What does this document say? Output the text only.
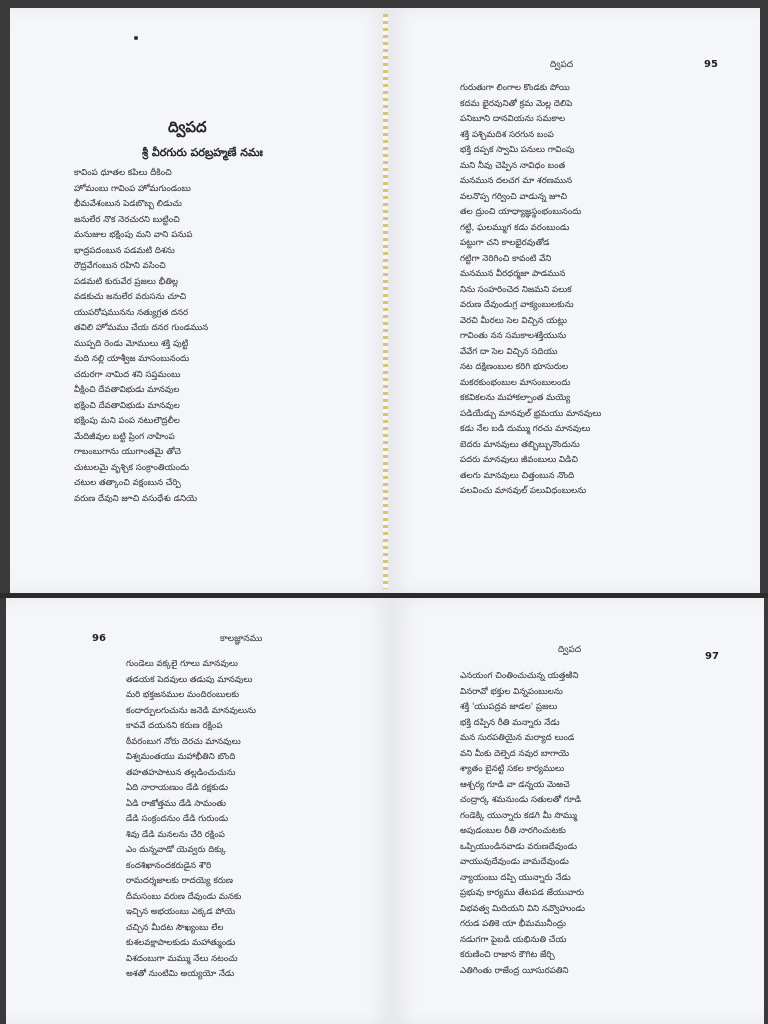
ద్విపద
శ్రీ వీరగురు పరబ్రహ్మణే నమః
కావింప ధూతల కపిలు దీకించి
హోమంబు గావింప హోమగుండంబు
భీమవేశంబున పెడబొబ్బ లిడుచు
జనులేర నొక నెరచురని బుట్టించి
మనుజుల భక్షింపు మని వాని పనుప
భాద్రపదంబున పడమటి దిశను
రౌద్రవేగంబున రహిని వసించి
పడమటి కురువేర ప్రజలు భీతిల్ల
వడకుచు జనులేర వరుసను చూచి
యుపరోషమునను నత్యుగ్రత దనర
తవిలి హోమము చేయ దనర గుండమున
ముప్పది రెండు మోములు శక్తి పుట్టి
మది నల్లి యాశ్వీజ మాసంబునందు
చదురగా నామిద శని సప్తమంబు
వీక్షించి దేవతావిభుడు మానవుల
భక్షించి దేవతావిభుడు మానవుల
భక్షింపు మని పంప నటులౌద్రలీల
మేదిజీవుల బట్టి ప్రింగ నాహింప
గాబంబుగాను యుగాంతమై తోచె
చుటులమై వృశ్చిక సంక్రాంతియందు
చటుల తత్కాంచి వక్షంబున చేర్పి
వరుణ దేవుని జూచి వసుధేశు డనియె
ద్విపద	95
గురుతుగా లింగాల కొండకు పోయి
కదమ భైరవునితో క్రమ మెల్ల దెలిపె
పనిబూని దానవియను సమకాల
శక్తి పశ్చిమదిశ సరగున బంప
భక్తి దప్పక స్వామి పనులు గావింపు
మని నీవు చెప్పిన నావిధం బంత
మనమున దలచగ మా శరణమున
వలనొప్ప గర్వించి వాడున్న జూచి
తల ద్రుంచి యాధ్యాజ్ఞస్థంభంబునందు
గట్టి, ఘలమ్ముగ కడు వరంబుండు
పట్టుగా చని కాలభైరవుతోడ
గట్టిగా నెరిగించి కావంటి వేని
మనమున వీరధర్మజా పాడమున
నిను సంహరించెద నిజమని పలుక
వరుణ దేవుండుగ్ర వాక్యంబులకును
వెరచి మీరలు సెల విచ్చిన యట్లు
గావింతు నన సమకాలశక్తియును
వేవేగ దా సెల విచ్చిన సదియు
నట దక్షిణంబుల కరిగి భూసురుల
మకరకుంభంబుల మాసంబులందు
కకవికలను మహాకల్పాంత మయ్యె
పడియేడ్చు మానవుల్ భ్రమయు మానవులు
కడు నేల బడి దుమ్ము గరచు మానవులు
బెదరు మానవులు తబ్బిబ్బునొందును
పదరు మానవులు జీవంబులు విడిచి
తలగు మానవులు చిత్తంబున నొంది
పలవించు మానవుల్ పలువిధంబులను
96	కాలజ్ఞానము
గుండెలు వక్కలై గూలు మానవులు
తడయక పెదవులు తడుపు మానవులు
మరి భక్తజనముల మందిరంబులకు
కందార్పులగుచును జనెడి మానవులును
కావవే దయనని కరుణ రక్షింప
ఠీవరంబుగ నోరు దెరచు మానవులు
విశ్వమంతయు మహాభీతిని బొంది
తహతహపాటున తల్లడించుచును
ఏది నారాయణుం డేడి రక్షకుడు
ఏడి రాజోత్తము డేడి సామంతు
డేడి సంక్రందనుం డేడి గురుండు
శివు డేడి మనలను చేరి రక్షింప
ఎం దున్నవాడో యెవ్వరు దిక్కు
కందశిఖానందకరుడైన శౌరి
రామదర్శజాలకు రాదయ్యె కరుణ
దీమసంబు వరుణ దేవుండు మనకు
ఇచ్చిన అభయంబు ఎక్కడ పోయె
చచ్చిన మీదట సౌఖ్యంబు లేల
కుశలవక్షాపాలకుడు మహాత్ముండు
విశదంబుగా మమ్ము నేలు నటంచు
అశతో నుంటిమి అయ్యయో నేడు
ద్విపద
97
ఎనయంగ చింతించుచున్న యత్తఱిని
వినరావో భక్తుల విన్నపంబులను
శక్తి 'యుపద్రవ జాడల' ప్రజలు
భక్తి దప్పిన రీతి మన్నారు నేడు
మన సురపతియైన మర్యాద లుండ
వని మీకు దెల్పెద నవుర బాగాయె
శ్యాతం బైనట్టి సకల కార్యములు
ఆశ్చర్య గూడి వా డన్నయ మెఱచె
చంద్రార్క శమనుండు సతులతో గూడి
గండెక్కి యున్నారు కడగి మీ సొమ్ము
అపుడంబుల రీతి నారగించుటకు
ఒప్పియుండినవాడు వరుణదేవుండు
వాయువుదేవుండు వామదేవుండు
న్యాయంబు దప్పి యున్నారు నేడు
ప్రభువు కార్యము తేటపడ జేయువారు
విభవత్వ మిదియని విని నవ్వొహుండు
గరుడ పతికె యా భీమమునీంద్రు
నడుగగా పైబడి యభినుతి చేయ
కరుణించి రాజాన కౌగిట జేర్చి
ఎతిగింతు రాజేంద్ర యీసురపతిని
